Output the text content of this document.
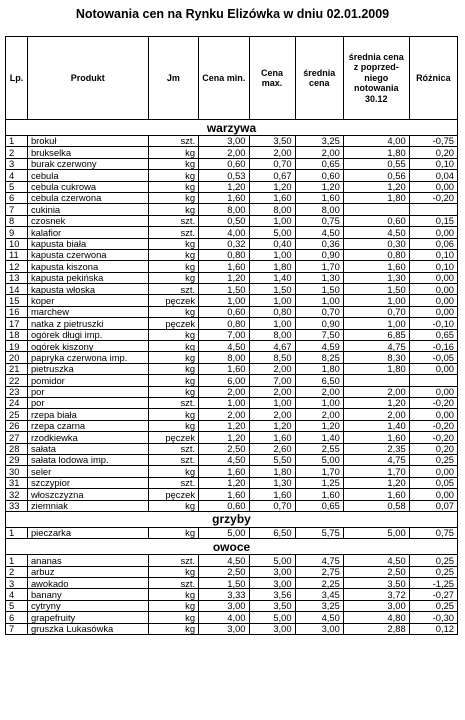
Notowania cen na Rynku Elizówka w dniu 02.01.2009
Lp.	Produkt	Jm	Cena min.	Cena max.	średnia cena	średnia cena z poprzed-niego notowania 30.12	Różnica
warzywa							
1	brokuł	szt.	3,00	3,50	3,25	4,00	-0,75
2	brukselka	kg	2,00	2,00	2,00	1,80	0,20
3	burak czerwony	kg	0,60	0,70	0,65	0,55	0,10
4	cebula	kg	0,53	0,67	0,60	0,56	0,04
5	cebula cukrowa	kg	1,20	1,20	1,20	1,20	0,00
6	cebula czerwona	kg	1,60	1,60	1,60	1,80	-0,20
7	cukinia	kg	8,00	8,00	8,00		
8	czosnek	szt.	0,50	1,00	0,75	0,60	0,15
9	kalafior	szt.	4,00	5,00	4,50	4,50	0,00
10	kapusta biała	kg	0,32	0,40	0,36	0,30	0,06
11	kapusta czerwona	kg	0,80	1,00	0,90	0,80	0,10
12	kapusta kiszona	kg	1,60	1,80	1,70	1,60	0,10
13	kapusta pekińska	kg	1,20	1,40	1,30	1,30	0,00
14	kapusta włoska	szt.	1,50	1,50	1,50	1,50	0,00
15	koper	pęczek	1,00	1,00	1,00	1,00	0,00
16	marchew	kg	0,60	0,80	0,70	0,70	0,00
17	natka z pietruszki	pęczek	0,80	1,00	0,90	1,00	-0,10
18	ogórek długi imp.	kg	7,00	8,00	7,50	6,85	0,65
19	ogórek kiszony	kg	4,50	4,67	4,59	4,75	-0,16
20	papryka czerwona imp.	kg	8,00	8,50	8,25	8,30	-0,05
21	pietruszka	kg	1,60	2,00	1,80	1,80	0,00
22	pomidor	kg	6,00	7,00	6,50		
23	por	kg	2,00	2,00	2,00	2,00	0,00
24	por	szt.	1,00	1,00	1,00	1,20	-0,20
25	rzepa biała	kg	2,00	2,00	2,00	2,00	0,00
26	rzepa czarna	kg	1,20	1,20	1,20	1,40	-0,20
27	rzodkiewka	pęczek	1,20	1,60	1,40	1,60	-0,20
28	sałata	szt.	2,50	2,60	2,55	2,35	0,20
29	sałata lodowa imp.	szt.	4,50	5,50	5,00	4,75	0,25
30	seler	kg	1,60	1,80	1,70	1,70	0,00
31	szczypior	szt.	1,20	1,30	1,25	1,20	0,05
32	włoszczyzna	pęczek	1,60	1,60	1,60	1,60	0,00
33	ziemniak	kg	0,60	0,70	0,65	0,58	0,07
grzyby							
1	pieczarka	kg	5,00	6,50	5,75	5,00	0,75
owoce							
1	ananas	szt.	4,50	5,00	4,75	4,50	0,25
2	arbuz	kg	2,50	3,00	2,75	2,50	0,25
3	awokado	szt.	1,50	3,00	2,25	3,50	-1,25
4	banany	kg	3,33	3,56	3,45	3,72	-0,27
5	cytryny	kg	3,00	3,50	3,25	3,00	0,25
6	grapefruity	kg	4,00	5,00	4,50	4,80	-0,30
7	gruszka Lukasówka	kg	3,00	3,00	3,00	2,88	0,12
